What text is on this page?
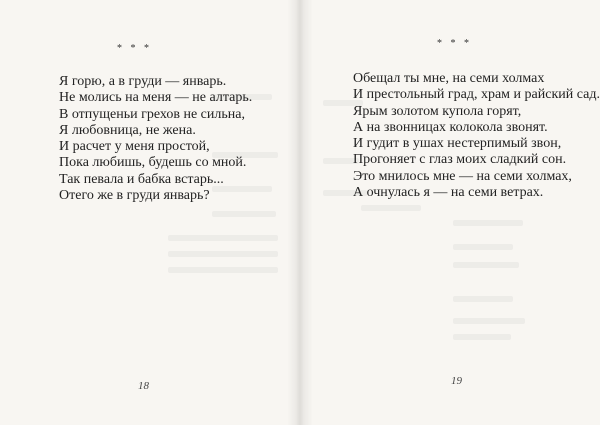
* * *
Я горю, а в груди — январь.
Не молись на меня — не алтарь.
В отпущеньи грехов не сильна,
Я любовница, не жена.
И расчет у меня простой,
Пока любишь, будешь со мной.
Так певала и бабка встарь...
Отего же в груди январь?
18
* * *
Обещал ты мне, на семи холмах
И престольный град, храм и райский сад.
Ярым золотом купола горят,
А на звонницах колокола звонят.
И гудит в ушах нестерпимый звон,
Прогоняет с глаз моих сладкий сон.
Это мнилось мне — на семи холмах,
А очнулась я — на семи ветрах.
19
